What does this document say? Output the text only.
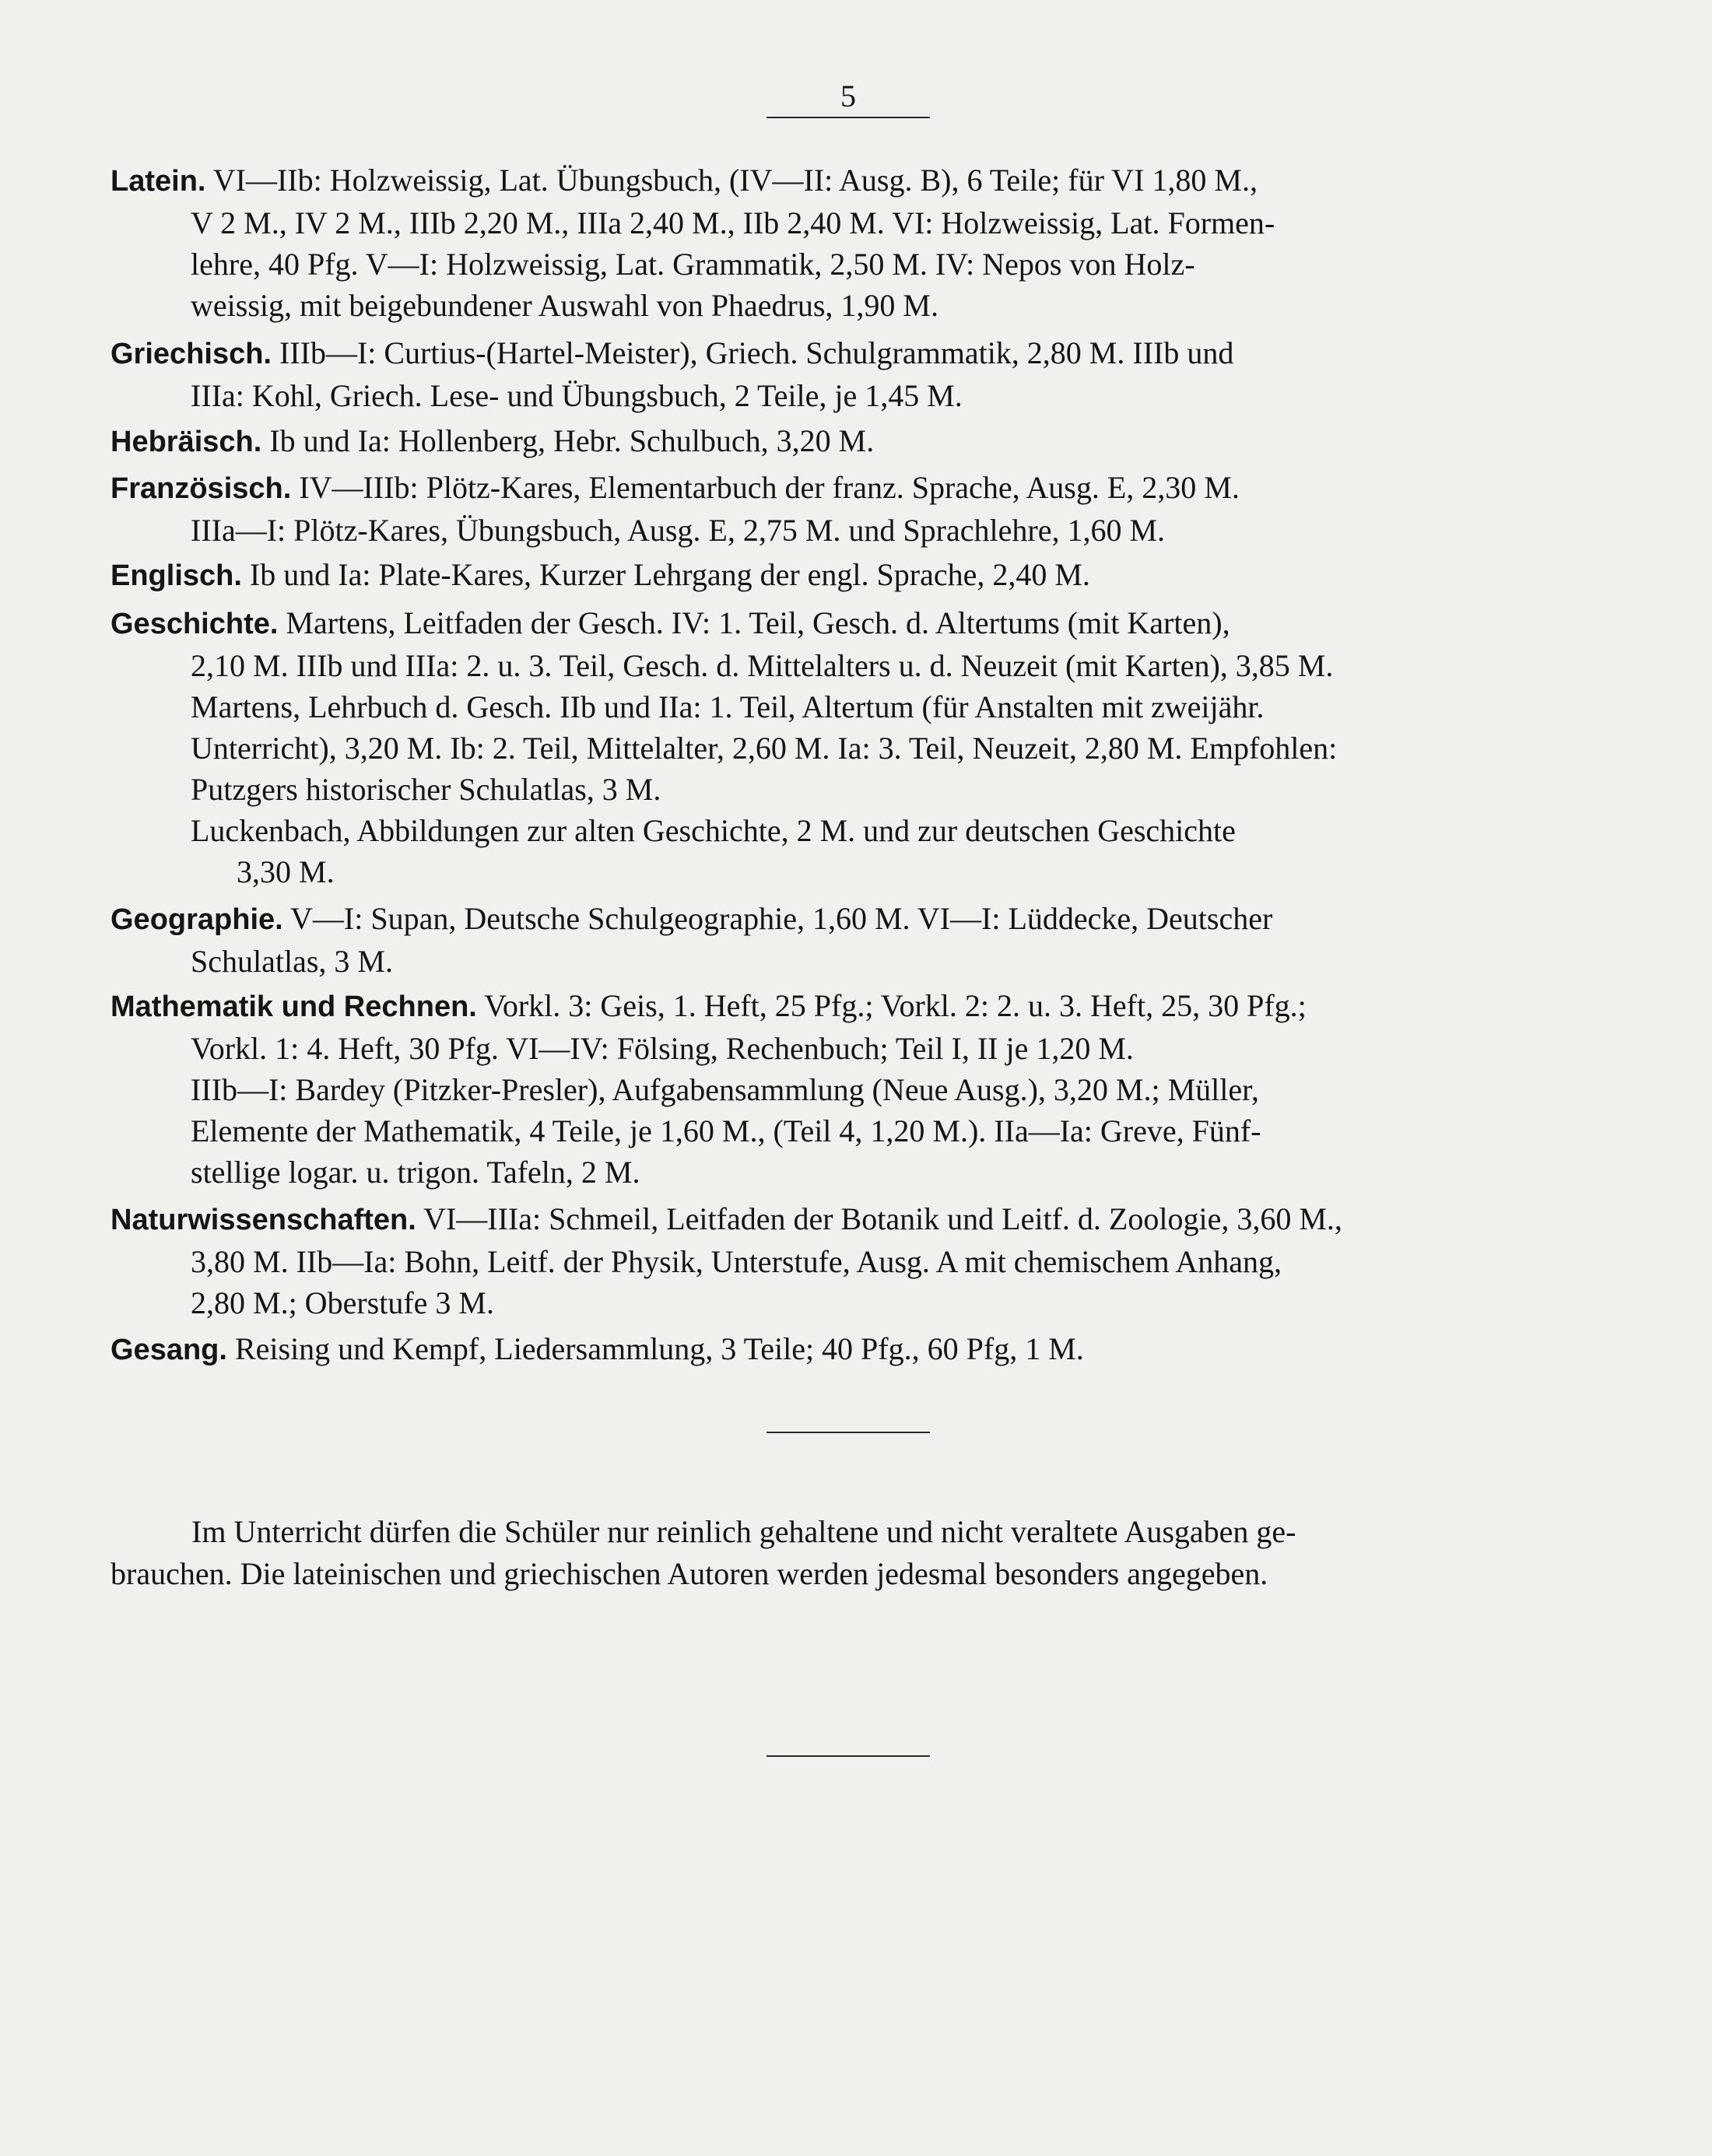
5
Latein. VI—IIb: Holzweissig, Lat. Übungsbuch, (IV—II: Ausg. B), 6 Teile; für VI 1,80 M.,
V 2 M., IV 2 M., IIIb 2,20 M., IIIa 2,40 M., IIb 2,40 M. VI: Holzweissig, Lat. Formen-
lehre, 40 Pfg. V—I: Holzweissig, Lat. Grammatik, 2,50 M. IV: Nepos von Holz-
weissig, mit beigebundener Auswahl von Phaedrus, 1,90 M.
Griechisch. IIIb—I: Curtius-(Hartel-Meister), Griech. Schulgrammatik, 2,80 M. IIIb und
IIIa: Kohl, Griech. Lese- und Übungsbuch, 2 Teile, je 1,45 M.
Hebräisch. Ib und Ia: Hollenberg, Hebr. Schulbuch, 3,20 M.
Französisch. IV—IIIb: Plötz-Kares, Elementarbuch der franz. Sprache, Ausg. E, 2,30 M.
IIIa—I: Plötz-Kares, Übungsbuch, Ausg. E, 2,75 M. und Sprachlehre, 1,60 M.
Englisch. Ib und Ia: Plate-Kares, Kurzer Lehrgang der engl. Sprache, 2,40 M.
Geschichte. Martens, Leitfaden der Gesch. IV: 1. Teil, Gesch. d. Altertums (mit Karten),
2,10 M. IIIb und IIIa: 2. u. 3. Teil, Gesch. d. Mittelalters u. d. Neuzeit (mit Karten), 3,85 M.
Martens, Lehrbuch d. Gesch. IIb und IIa: 1. Teil, Altertum (für Anstalten mit zweijähr.
Unterricht), 3,20 M. Ib: 2. Teil, Mittelalter, 2,60 M. Ia: 3. Teil, Neuzeit, 2,80 M. Empfohlen:
Putzgers historischer Schulatlas, 3 M.
Luckenbach, Abbildungen zur alten Geschichte, 2 M. und zur deutschen Geschichte
3,30 M.
Geographie. V—I: Supan, Deutsche Schulgeographie, 1,60 M. VI—I: Lüddecke, Deutscher
Schulatlas, 3 M.
Mathematik und Rechnen. Vorkl. 3: Geis, 1. Heft, 25 Pfg.; Vorkl. 2: 2. u. 3. Heft, 25, 30 Pfg.;
Vorkl. 1: 4. Heft, 30 Pfg. VI—IV: Fölsing, Rechenbuch; Teil I, II je 1,20 M.
IIIb—I: Bardey (Pitzker-Presler), Aufgabensammlung (Neue Ausg.), 3,20 M.; Müller,
Elemente der Mathematik, 4 Teile, je 1,60 M., (Teil 4, 1,20 M.). IIa—Ia: Greve, Fünf-
stellige logar. u. trigon. Tafeln, 2 M.
Naturwissenschaften. VI—IIIa: Schmeil, Leitfaden der Botanik und Leitf. d. Zoologie, 3,60 M.,
3,80 M. IIb—Ia: Bohn, Leitf. der Physik, Unterstufe, Ausg. A mit chemischem Anhang,
2,80 M.; Oberstufe 3 M.
Gesang. Reising und Kempf, Liedersammlung, 3 Teile; 40 Pfg., 60 Pfg, 1 M.
Im Unterricht dürfen die Schüler nur reinlich gehaltene und nicht veraltete Ausgaben ge-
brauchen. Die lateinischen und griechischen Autoren werden jedesmal besonders angegeben.
